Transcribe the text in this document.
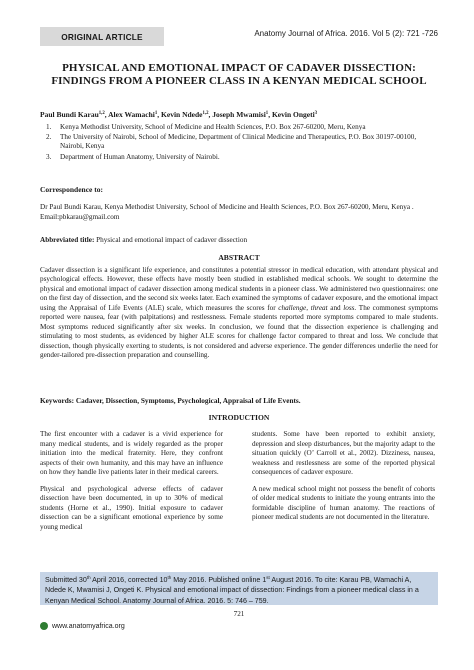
ORIGINAL ARTICLE	Anatomy Journal of Africa. 2016. Vol 5 (2): 721 -726
PHYSICAL AND EMOTIONAL IMPACT OF CADAVER DISSECTION: FINDINGS FROM A PIONEER CLASS IN A KENYAN MEDICAL SCHOOL
Paul Bundi Karau$^{1,2}$, Alex Wamachi$^1$, Kevin Ndede$^{1,2}$, Joseph Mwamisi$^1$, Kevin Ongeti$^3$
1.	Kenya Methodist University, School of Medicine and Health Sciences, P.O. Box 267-60200, Meru, Kenya
2.	The University of Nairobi, School of Medicine, Department of Clinical Medicine and Therapeutics, P.O. Box 30197-00100, Nairobi, Kenya
3.	Department of Human Anatomy, University of Nairobi.
Correspondence to:
Dr Paul Bundi Karau, Kenya Methodist University, School of Medicine and Health Sciences, P.O. Box 267-60200, Meru, Kenya . Email:pbkarau@gmail.com
Abbreviated title: Physical and emotional impact of cadaver dissection
ABSTRACT
Cadaver dissection is a significant life experience, and constitutes a potential stressor in medical education, with attendant physical and psychological effects. However, these effects have mostly been studied in established medical schools. We sought to determine the physical and emotional impact of cadaver dissection among medical students in a pioneer class. We administered two questionnaires: one on the first day of dissection, and the second six weeks later. Each examined the symptoms of cadaver exposure, and the emotional impact using the Appraisal of Life Events (ALE) scale, which measures the scores for challenge, threat and loss. The commonest symptoms reported were nausea, fear (with palpitations) and restlessness. Female students reported more symptoms compared to male students. Most symptoms reduced significantly after six weeks. In conclusion, we found that the dissection experience is challenging and stimulating to most students, as evidenced by higher ALE scores for challenge factor compared to threat and loss. We conclude that dissection, though physically exerting to students, is not considered and adverse experience. The gender differences underlie the need for gender-tailored pre-dissection preparation and counselling.
Keywords: Cadaver, Dissection, Symptoms, Psychological, Appraisal of Life Events.
INTRODUCTION

The first encounter with a cadaver is a vivid experience for many medical students, and is widely regarded as the proper initiation into the medical fraternity. Here, they confront aspects of their own humanity, and this may have an influence on how they handle live patients later in their medical careers.

Physical and psychological adverse effects of cadaver dissection have been documented, in up to 30% of medical students (Horne et al., 1990). Initial exposure to cadaver dissection can be a significant emotional experience by some young medical

students. Some have been reported to exhibit anxiety, depression and sleep disturbances, but the majority adapt to the situation quickly (O’ Carroll et al., 2002). Dizziness, nausea, weakness and restlessness are some of the reported physical consequences of cadaver exposure.

A new medical school might not possess the benefit of cohorts of older medical students to initiate the young entrants into the formidable discipline of human anatomy. The reactions of pioneer medical students are not documented in the literature.

Submitted 30th April 2016, corrected 10th May 2016. Published online 1st August 2016. To cite: Karau PB, Wamachi A, Ndede K, Mwamisi J, Ongeti K. Physical and emotional impact of dissection: Findings from a pioneer medical class in a Kenyan Medical School. Anatomy Journal of Africa. 2016. 5: 746 – 759.
721
www.anatomyafrica.org
